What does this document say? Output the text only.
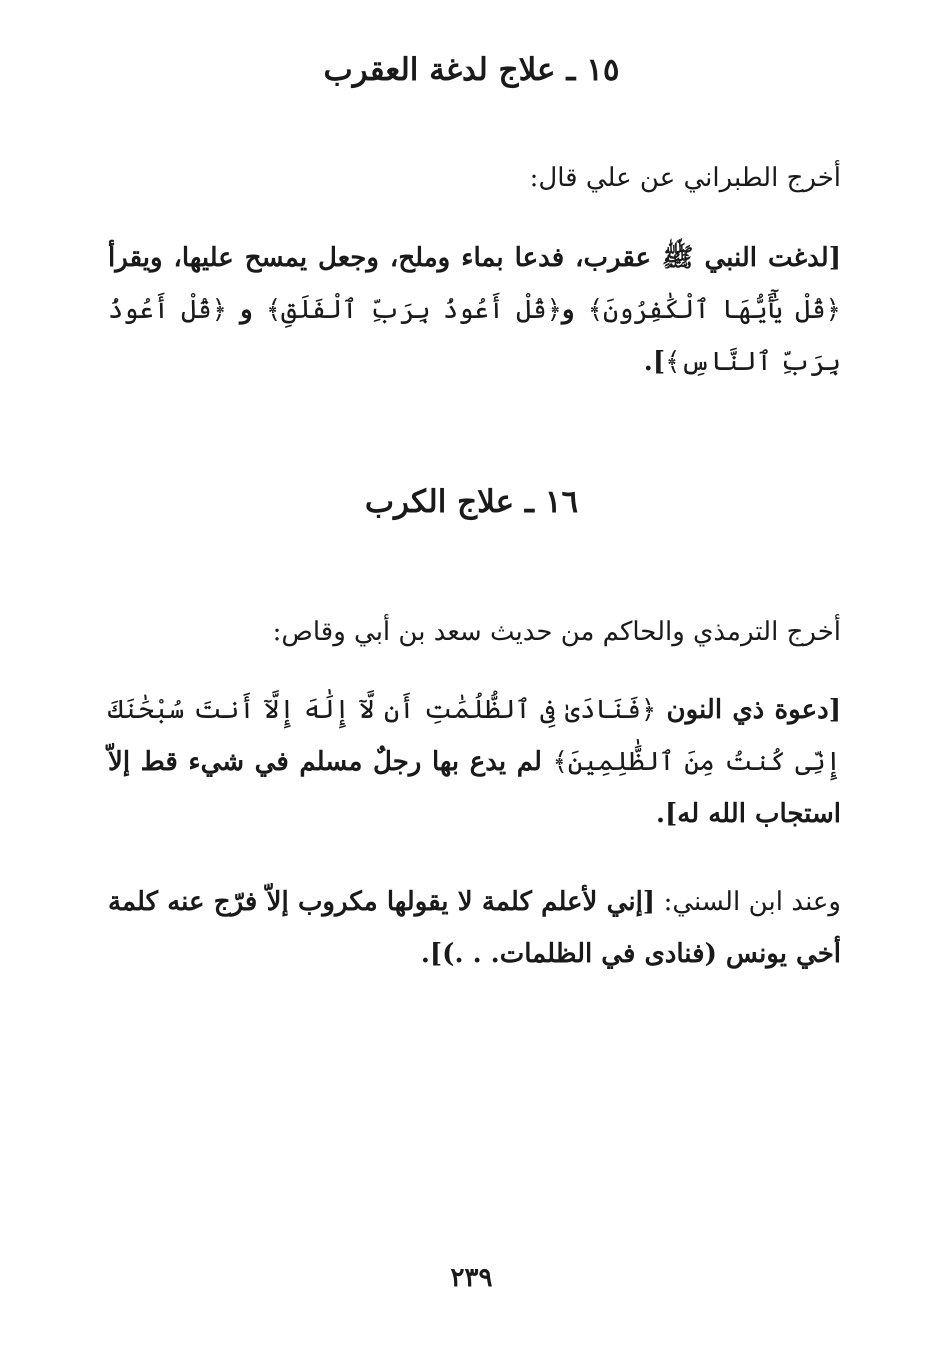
١٥ ـ علاج لدغة العقرب
أخرج الطبراني عن علي قال:
[لدغت النبي ﷺ عقرب، فدعا بماء وملح، وجعل يمسح عليها، ويقرأ ﴿قُلْ يَٰٓأَيُّهَا ٱلْكَٰفِرُونَ﴾ و﴿قُلْ أَعُوذُ بِرَبِّ ٱلْفَلَقِ﴾ و ﴿قُلْ أَعُوذُ بِرَبِّ ٱلنَّاسِ﴾].
١٦ ـ علاج الكرب
أخرج الترمذي والحاكم من حديث سعد بن أبي وقاص:
[دعوة ذي النون ﴿فَنَادَىٰ فِى ٱلظُّلُمَٰتِ أَن لَّآ إِلَٰهَ إِلَّآ أَنتَ سُبْحَٰنَكَ إِنِّى كُنتُ مِنَ ٱلظَّٰلِمِينَ﴾ لم يدع بها رجلٌ مسلم في شيء قط إلاّ استجاب الله له].
وعند ابن السني: [إني لأعلم كلمة لا يقولها مكروب إلاّ فرّج عنه كلمة أخي يونس (فنادى في الظلمات. . .)].
٢٣٩
